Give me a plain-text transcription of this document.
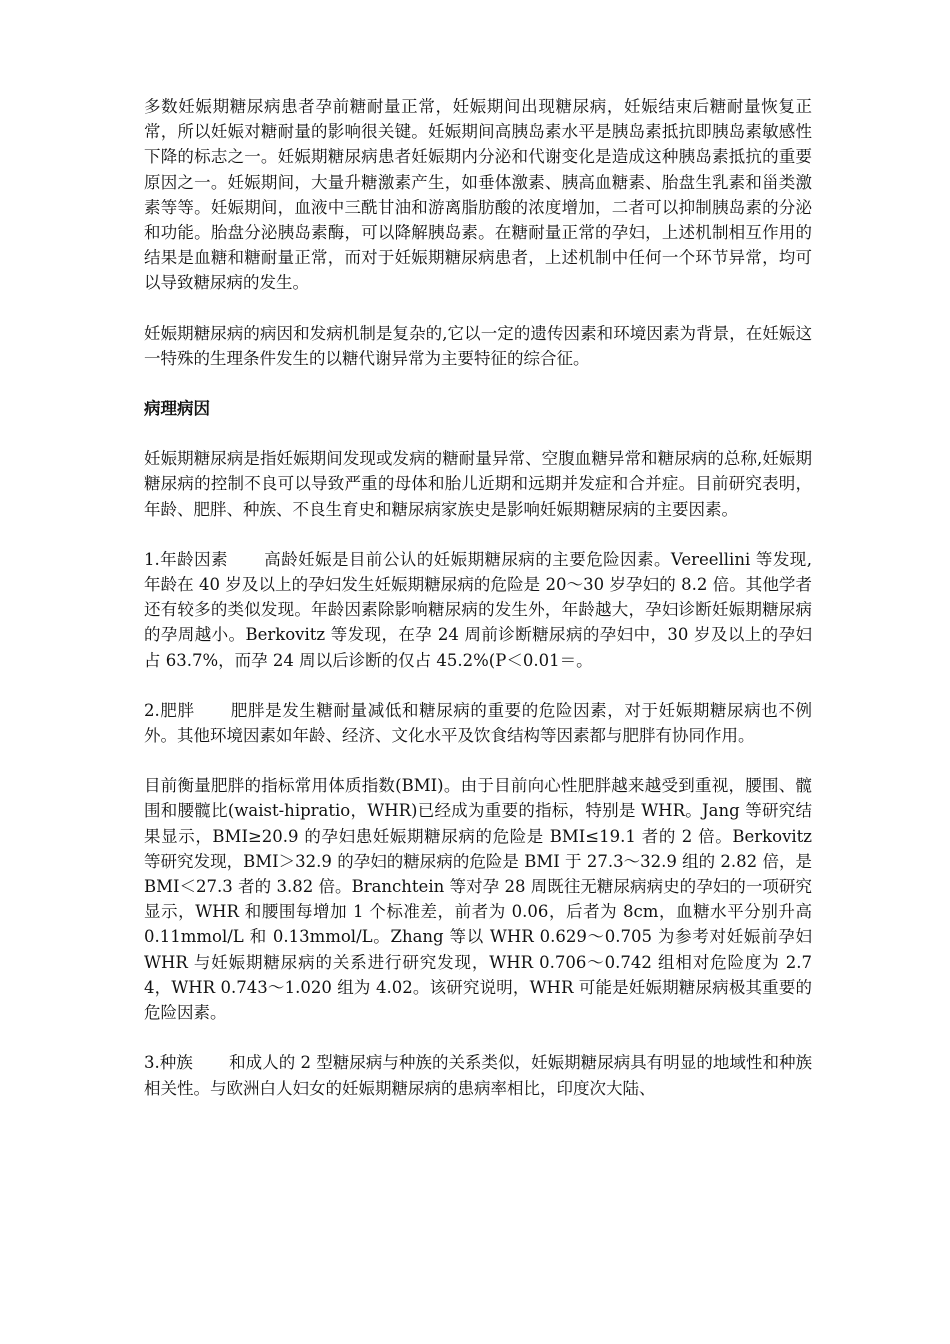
多数妊娠期糖尿病患者孕前糖耐量正常，妊娠期间出现糖尿病，妊娠结束后糖耐量恢复正常，所以妊娠对糖耐量的影响很关键。妊娠期间高胰岛素水平是胰岛素抵抗即胰岛素敏感性下降的标志之一。妊娠期糖尿病患者妊娠期内分泌和代谢变化是造成这种胰岛素抵抗的重要原因之一。妊娠期间，大量升糖激素产生，如垂体激素、胰高血糖素、胎盘生乳素和甾类激素等等。妊娠期间，血液中三酰甘油和游离脂肪酸的浓度增加，二者可以抑制胰岛素的分泌和功能。胎盘分泌胰岛素酶，可以降解胰岛素。在糖耐量正常的孕妇，上述机制相互作用的结果是血糖和糖耐量正常，而对于妊娠期糖尿病患者，上述机制中任何一个环节异常，均可以导致糖尿病的发生。

妊娠期糖尿病的病因和发病机制是复杂的,它以一定的遗传因素和环境因素为背景，在妊娠这一特殊的生理条件发生的以糖代谢异常为主要特征的综合征。

病理病因

妊娠期糖尿病是指妊娠期间发现或发病的糖耐量异常、空腹血糖异常和糖尿病的总称,妊娠期糖尿病的控制不良可以导致严重的母体和胎儿近期和远期并发症和合并症。目前研究表明，年龄、肥胖、种族、不良生育史和糖尿病家族史是影响妊娠期糖尿病的主要因素。

1.年龄因素 高龄妊娠是目前公认的妊娠期糖尿病的主要危险因素。Vereellini 等发现,年龄在 40 岁及以上的孕妇发生妊娠期糖尿病的危险是 20～30 岁孕妇的 8.2 倍。其他学者还有较多的类似发现。年龄因素除影响糖尿病的发生外，年龄越大，孕妇诊断妊娠期糖尿病的孕周越小。Berkovitz 等发现，在孕 24 周前诊断糖尿病的孕妇中，30 岁及以上的孕妇占 63.7%，而孕 24 周以后诊断的仅占 45.2%(P＜0.01＝。

2.肥胖 肥胖是发生糖耐量减低和糖尿病的重要的危险因素，对于妊娠期糖尿病也不例外。其他环境因素如年龄、经济、文化水平及饮食结构等因素都与肥胖有协同作用。

目前衡量肥胖的指标常用体质指数(BMI)。由于目前向心性肥胖越来越受到重视，腰围、髋围和腰髋比(waist-hipratio，WHR)已经成为重要的指标，特别是 WHR。Jang 等研究结果显示，BMI≥20.9 的孕妇患妊娠期糖尿病的危险是 BMI≤19.1 者的 2 倍。Berkovitz 等研究发现，BMI＞32.9 的孕妇的糖尿病的危险是 BMI 于 27.3～32.9 组的 2.82 倍，是 BMI＜27.3 者的 3.82 倍。Branchtein 等对孕 28 周既往无糖尿病病史的孕妇的一项研究显示，WHR 和腰围每增加 1 个标准差，前者为 0.06，后者为 8cm，血糖水平分别升高 0.11mmol/L 和 0.13mmol/L。Zhang 等以 WHR 0.629～0.705 为参考对妊娠前孕妇 WHR 与妊娠期糖尿病的关系进行研究发现，WHR 0.706～0.742 组相对危险度为 2.74，WHR 0.743～1.020 组为 4.02。该研究说明，WHR 可能是妊娠期糖尿病极其重要的危险因素。

3.种族 和成人的 2 型糖尿病与种族的关系类似，妊娠期糖尿病具有明显的地域性和种族相关性。与欧洲白人妇女的妊娠期糖尿病的患病率相比，印度次大陆、
